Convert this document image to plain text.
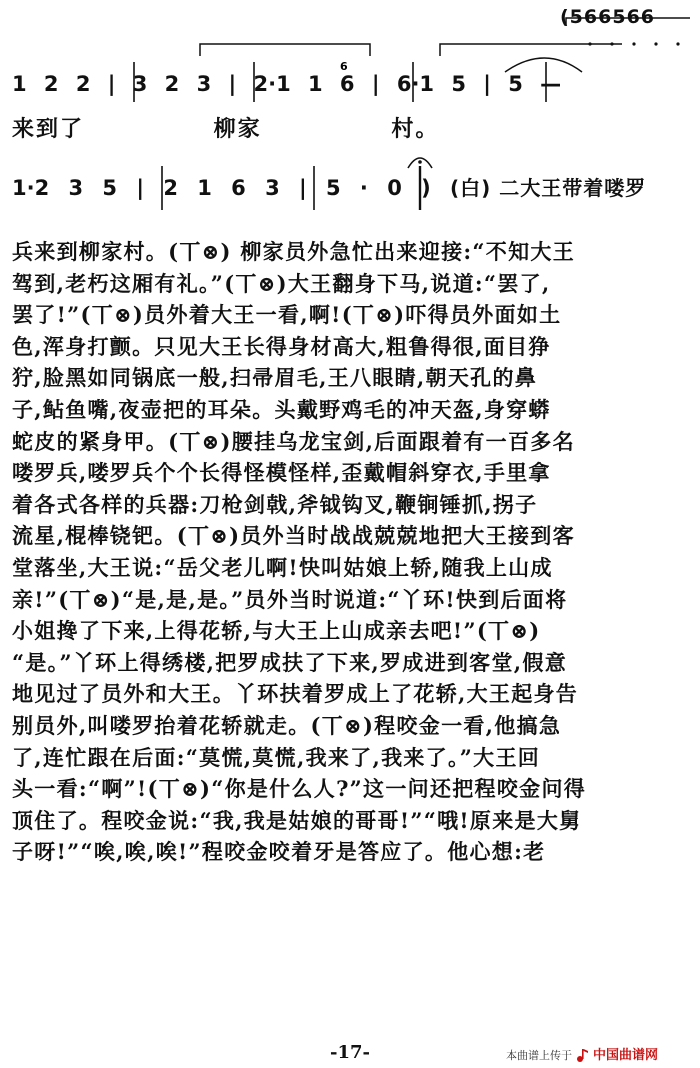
6
(566566
1 2 2 | 3 2 3 | 2·1 1 6 | 6·1 5 | 5 —
来到了 柳家 村。
1·2 3 5 | 2 1 6 3 | 5 · 0 ) (白) 二大王带着喽罗
兵来到柳家村。(丅⊗) 柳家员外急忙出来迎接:“不知大王
驾到,老朽这厢有礼。”(丅⊗)大王翻身下马,说道:“罢了,
罢了!”(丅⊗)员外着大王一看,啊!(丅⊗)吓得员外面如土
色,浑身打颤。只见大王长得身材高大,粗鲁得很,面目狰
狞,脸黑如同锅底一般,扫帚眉毛,王八眼睛,朝天孔的鼻
子,鲇鱼嘴,夜壶把的耳朵。头戴野鸡毛的冲天盔,身穿蟒
蛇皮的紧身甲。(丅⊗)腰挂乌龙宝剑,后面跟着有一百多名
喽罗兵,喽罗兵个个长得怪模怪样,歪戴帽斜穿衣,手里拿
着各式各样的兵器:刀枪剑戟,斧钺钩叉,鞭锏锤抓,拐子
流星,棍棒铙钯。(丅⊗)员外当时战战兢兢地把大王接到客
堂落坐,大王说:“岳父老儿啊!快叫姑娘上轿,随我上山成
亲!”(丅⊗)“是,是,是。”员外当时说道:“丫环!快到后面将
小姐搀了下来,上得花轿,与大王上山成亲去吧!”(丅⊗)
“是。”丫环上得绣楼,把罗成扶了下来,罗成进到客堂,假意
地见过了员外和大王。丫环扶着罗成上了花轿,大王起身告
别员外,叫喽罗抬着花轿就走。(丅⊗)程咬金一看,他搞急
了,连忙跟在后面:“莫慌,莫慌,我来了,我来了。”大王回
头一看:“啊”!(丅⊗)“你是什么人?”这一问还把程咬金问得
顶住了。程咬金说:“我,我是姑娘的哥哥!”“哦!原来是大舅
子呀!”“唉,唉,唉!”程咬金咬着牙是答应了。他心想:老
-17-	本曲谱上传于 中国曲谱网
